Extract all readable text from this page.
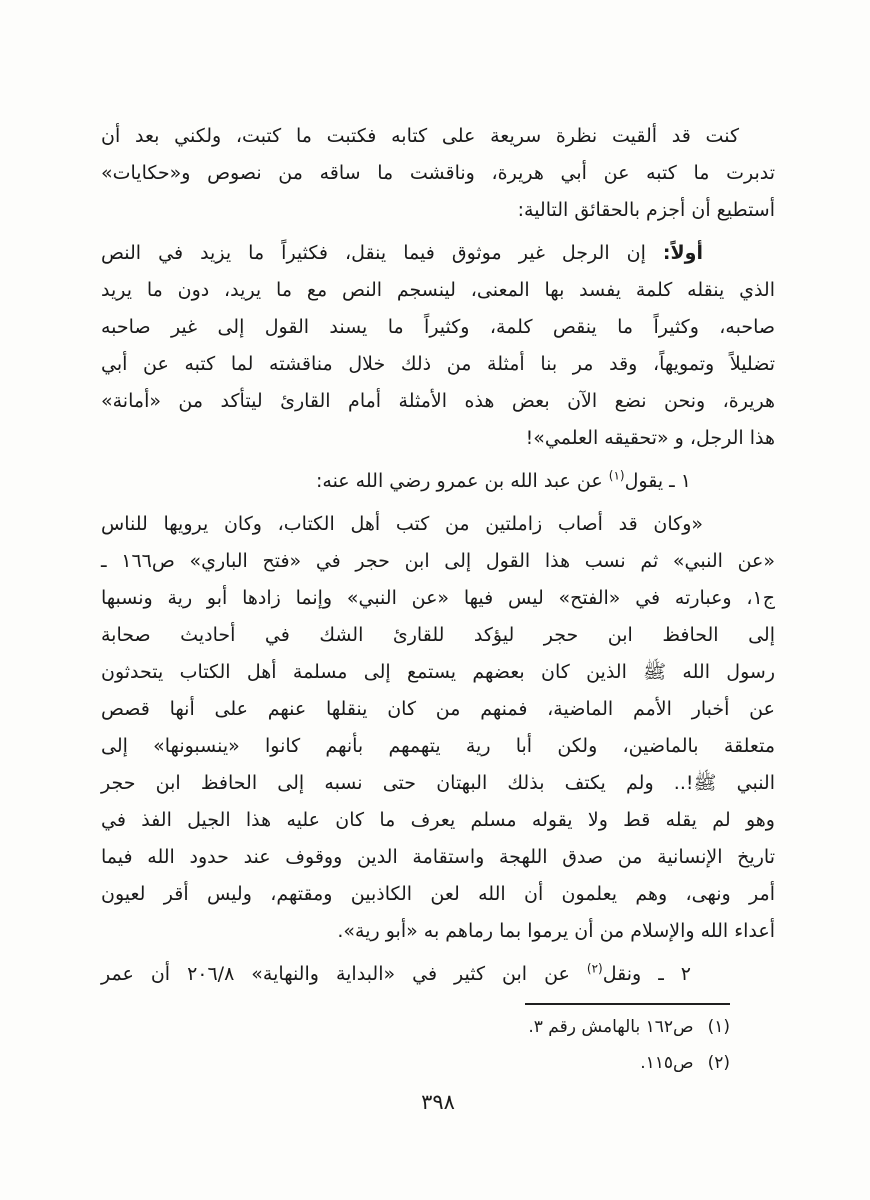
كنت قد ألقيت نظرة سريعة على كتابه فكتبت ما كتبت، ولكني بعد أن
تدبرت ما كتبه عن أبي هريرة، وناقشت ما ساقه من نصوص و«حكايات»
أستطيع أن أجزم بالحقائق التالية:
أولاً: إن الرجل غير موثوق فيما ينقل، فكثيراً ما يزيد في النص
الذي ينقله كلمة يفسد بها المعنى، لينسجم النص مع ما يريد، دون ما يريد
صاحبه، وكثيراً ما ينقص كلمة، وكثيراً ما يسند القول إلى غير صاحبه
تضليلاً وتمويهاً، وقد مر بنا أمثلة من ذلك خلال مناقشته لما كتبه عن أبي
هريرة، ونحن نضع الآن بعض هذه الأمثلة أمام القارئ ليتأكد من «أمانة»
هذا الرجل، و «تحقيقه العلمي»!
١ ـ يقول$^{(١)}$ عن عبد الله بن عمرو رضي الله عنه:
«وكان قد أصاب زاملتين من كتب أهل الكتاب، وكان يرويها للناس
«عن النبي» ثم نسب هذا القول إلى ابن حجر في «فتح الباري» ص١٦٦ ـ
ج١، وعبارته في «الفتح» ليس فيها «عن النبي» وإنما زادها أبو رية ونسبها
إلى الحافظ ابن حجر ليؤكد للقارئ الشك في أحاديث صحابة
رسول الله ﷺ الذين كان بعضهم يستمع إلى مسلمة أهل الكتاب يتحدثون
عن أخبار الأمم الماضية، فمنهم من كان ينقلها عنهم على أنها قصص
متعلقة بالماضين، ولكن أبا رية يتهمهم بأنهم كانوا «ينسبونها» إلى
النبي ﷺ!.. ولم يكتف بذلك البهتان حتى نسبه إلى الحافظ ابن حجر
وهو لم يقله قط ولا يقوله مسلم يعرف ما كان عليه هذا الجيل الفذ في
تاريخ الإنسانية من صدق اللهجة واستقامة الدين ووقوف عند حدود الله فيما
أمر ونهى، وهم يعلمون أن الله لعن الكاذبين ومقتهم، وليس أقر لعيون
أعداء الله والإسلام من أن يرموا بما رماهم به «أبو رية».
٢ ـ ونقل$^{(٢)}$ عن ابن كثير في «البداية والنهاية» ٢٠٦/٨ أن عمر
(١)ص١٦٢ بالهامش رقم ٣.
(٢)ص١١٥.
٣٩٨
